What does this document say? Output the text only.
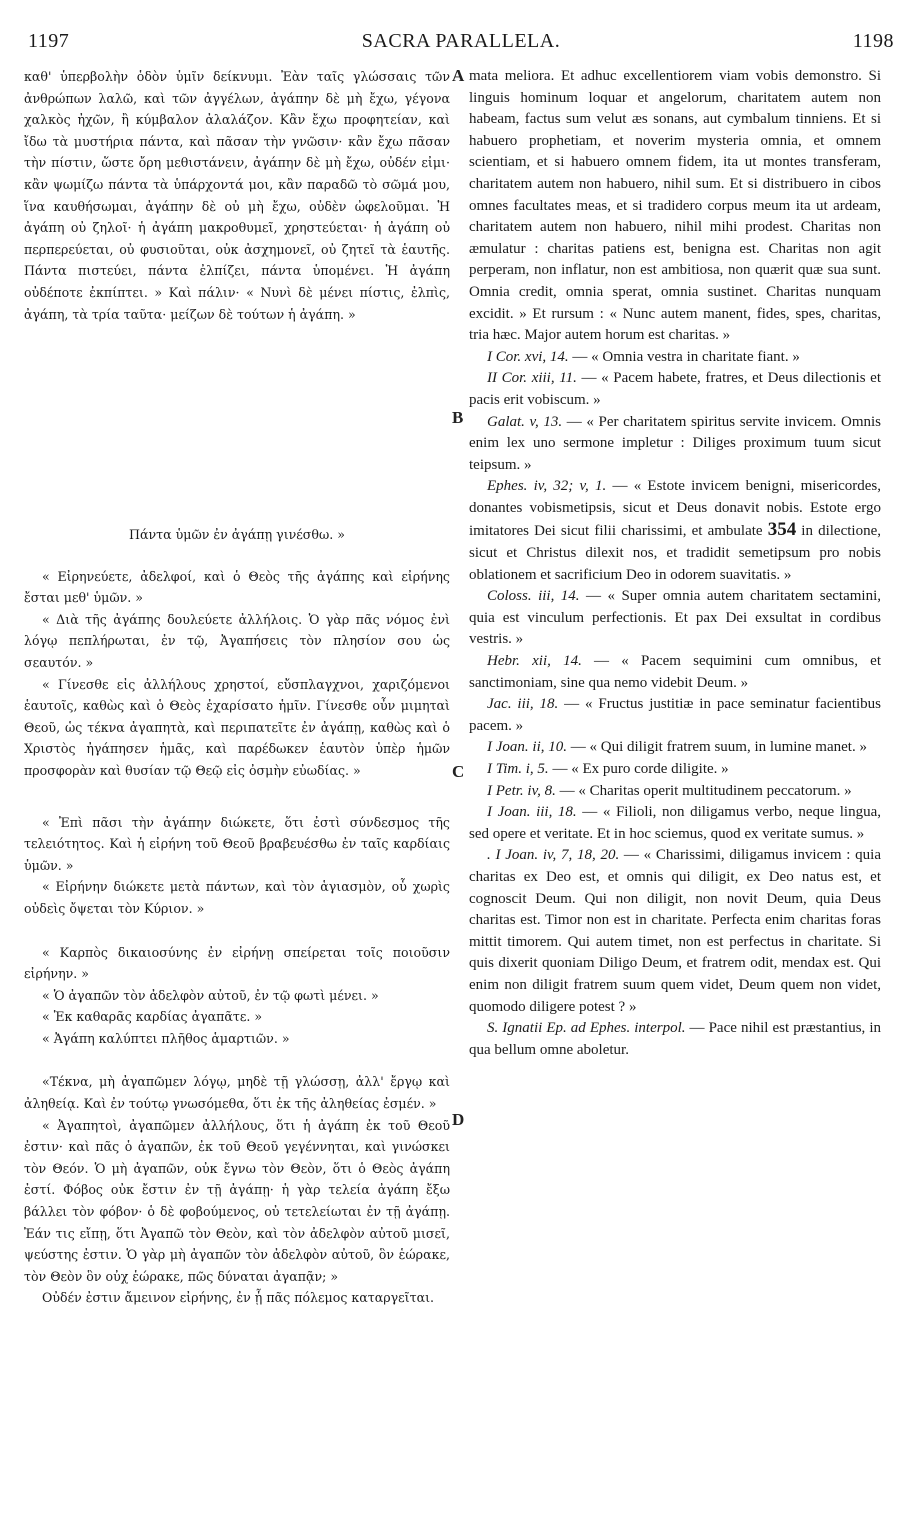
1197	SACRA PARALLELA.	1198
A
B
C
D

καθ' ὑπερβολὴν ὁδὸν ὑμῖν δείκνυμι. Ἐὰν ταῖς γλώσσαις τῶν ἀνθρώπων λαλῶ, καὶ τῶν ἀγγέλων, ἀγάπην δὲ μὴ ἔχω, γέγονα χαλκὸς ἠχῶν, ἢ κύμβαλον ἀλαλάζον. Κἂν ἔχω προφητείαν, καὶ ἴδω τὰ μυστήρια πάντα, καὶ πᾶσαν τὴν γνῶσιν· κἂν ἔχω πᾶσαν τὴν πίστιν, ὥστε ὄρη μεθιστάνειν, ἀγάπην δὲ μὴ ἔχω, οὐδέν εἰμι· κἂν ψωμίζω πάντα τὰ ὑπάρχοντά μοι, κἂν παραδῶ τὸ σῶμά μου, ἵνα καυθήσωμαι, ἀγάπην δὲ οὐ μὴ ἔχω, οὐδὲν ὠφελοῦμαι. Ἡ ἀγάπη οὐ ζηλοῖ· ἡ ἀγάπη μακροθυμεῖ, χρηστεύεται· ἡ ἀγάπη οὐ περπερεύεται, οὐ φυσιοῦται, οὐκ ἀσχημονεῖ, οὐ ζητεῖ τὰ ἑαυτῆς. Πάντα πιστεύει, πάντα ἐλπίζει, πάντα ὑπομένει. Ἡ ἀγάπη οὐδέποτε ἐκπίπτει. » Καὶ πάλιν· « Νυνὶ δὲ μένει πίστις, ἐλπὶς, ἀγάπη, τὰ τρία ταῦτα· μείζων δὲ τούτων ἡ ἀγάπη. »

Πάντα ὑμῶν ἐν ἀγάπῃ γινέσθω. »

« Εἰρηνεύετε, ἀδελφοί, καὶ ὁ Θεὸς τῆς ἀγάπης καὶ εἰρήνης ἔσται μεθ' ὑμῶν. »

« Διὰ τῆς ἀγάπης δουλεύετε ἀλλήλοις. Ὁ γὰρ πᾶς νόμος ἐνὶ λόγῳ πεπλήρωται, ἐν τῷ, Ἀγαπήσεις τὸν πλησίον σου ὡς σεαυτόν. »

« Γίνεσθε εἰς ἀλλήλους χρηστοί, εὔσπλαγχνοι, χαριζόμενοι ἑαυτοῖς, καθὼς καὶ ὁ Θεὸς ἐχαρίσατο ἡμῖν. Γίνεσθε οὖν μιμηταὶ Θεοῦ, ὡς τέκνα ἀγαπητὰ, καὶ περιπατεῖτε ἐν ἀγάπῃ, καθὼς καὶ ὁ Χριστὸς ἠγάπησεν ἡμᾶς, καὶ παρέδωκεν ἑαυτὸν ὑπὲρ ἡμῶν προσφορὰν καὶ θυσίαν τῷ Θεῷ εἰς ὀσμὴν εὐωδίας. »

« Ἐπὶ πᾶσι τὴν ἀγάπην διώκετε, ὅτι ἐστὶ σύνδεσμος τῆς τελειότητος. Καὶ ἡ εἰρήνη τοῦ Θεοῦ βραβευέσθω ἐν ταῖς καρδίαις ὑμῶν. »

« Εἰρήνην διώκετε μετὰ πάντων, καὶ τὸν ἁγιασμὸν, οὗ χωρὶς οὐδεὶς ὄψεται τὸν Κύριον. »

« Καρπὸς δικαιοσύνης ἐν εἰρήνῃ σπείρεται τοῖς ποιοῦσιν εἰρήνην. »

« Ὁ ἀγαπῶν τὸν ἀδελφὸν αὐτοῦ, ἐν τῷ φωτὶ μένει. »

« Ἐκ καθαρᾶς καρδίας ἀγαπᾶτε. »

« Ἀγάπη καλύπτει πλῆθος ἁμαρτιῶν. »

«Τέκνα, μὴ ἀγαπῶμεν λόγῳ, μηδὲ τῇ γλώσσῃ, ἀλλ' ἔργῳ καὶ ἀληθείᾳ. Καὶ ἐν τούτῳ γνωσόμεθα, ὅτι ἐκ τῆς ἀληθείας ἐσμέν. »

« Ἀγαπητοὶ, ἀγαπῶμεν ἀλλήλους, ὅτι ἡ ἀγάπη ἐκ τοῦ Θεοῦ ἐστιν· καὶ πᾶς ὁ ἀγαπῶν, ἐκ τοῦ Θεοῦ γεγέννηται, καὶ γινώσκει τὸν Θεόν. Ὁ μὴ ἀγαπῶν, οὐκ ἔγνω τὸν Θεὸν, ὅτι ὁ Θεὸς ἀγάπη ἐστί. Φόβος οὐκ ἔστιν ἐν τῇ ἀγάπῃ· ἡ γὰρ τελεία ἀγάπη ἔξω βάλλει τὸν φόβον· ὁ δὲ φοβούμενος, οὐ τετελείωται ἐν τῇ ἀγάπῃ. Ἐάν τις εἴπῃ, ὅτι Ἀγαπῶ τὸν Θεὸν, καὶ τὸν ἀδελφὸν αὐτοῦ μισεῖ, ψεύστης ἐστιν. Ὁ γὰρ μὴ ἀγαπῶν τὸν ἀδελφὸν αὐτοῦ, ὃν ἑώρακε, τὸν Θεὸν ὃν οὐχ ἑώρακε, πῶς δύναται ἀγαπᾷν; »

Οὐδέν ἐστιν ἄμεινον εἰρήνης, ἐν ᾗ πᾶς πόλεμος καταργεῖται.

mata meliora. Et adhuc excellentiorem viam vobis demonstro. Si linguis hominum loquar et angelorum, charitatem autem non habeam, factus sum velut æs sonans, aut cymbalum tinniens. Et si habuero prophetiam, et noverim mysteria omnia, et omnem scientiam, et si habuero omnem fidem, ita ut montes transferam, charitatem autem non habuero, nihil sum. Et si distribuero in cibos omnes facultates meas, et si tradidero corpus meum ita ut ardeam, charitatem autem non habuero, nihil mihi prodest. Charitas non æmulatur : charitas patiens est, benigna est. Charitas non agit perperam, non inflatur, non est ambitiosa, non quærit quæ sua sunt. Omnia credit, omnia sperat, omnia sustinet. Charitas nunquam excidit. » Et rursum : « Nunc autem manent, fides, spes, charitas, tria hæc. Major autem horum est charitas. »

I Cor. xvi, 14. — « Omnia vestra in charitate fiant. »

II Cor. xiii, 11. — « Pacem habete, fratres, et Deus dilectionis et pacis erit vobiscum. »

Galat. v, 13. — « Per charitatem spiritus servite invicem. Omnis enim lex uno sermone impletur : Diliges proximum tuum sicut teipsum. »

Ephes. iv, 32; v, 1. — « Estote invicem benigni, misericordes, donantes vobismetipsis, sicut et Deus donavit nobis. Estote ergo imitatores Dei sicut filii charissimi, et ambulate 354 in dilectione, sicut et Christus dilexit nos, et tradidit semetipsum pro nobis oblationem et sacrificium Deo in odorem suavitatis. »

Coloss. iii, 14. — « Super omnia autem charitatem sectamini, quia est vinculum perfectionis. Et pax Dei exsultat in cordibus vestris. »

Hebr. xii, 14. — « Pacem sequimini cum omnibus, et sanctimoniam, sine qua nemo videbit Deum. »

Jac. iii, 18. — « Fructus justitiæ in pace seminatur facientibus pacem. »

I Joan. ii, 10. — « Qui diligit fratrem suum, in lumine manet. »

I Tim. i, 5. — « Ex puro corde diligite. »

I Petr. iv, 8. — « Charitas operit multitudinem peccatorum. »

I Joan. iii, 18. — « Filioli, non diligamus verbo, neque lingua, sed opere et veritate. Et in hoc sciemus, quod ex veritate sumus. »

. I Joan. iv, 7, 18, 20. — « Charissimi, diligamus invicem : quia charitas ex Deo est, et omnis qui diligit, ex Deo natus est, et cognoscit Deum. Qui non diligit, non novit Deum, quia Deus charitas est. Timor non est in charitate. Perfecta enim charitas foras mittit timorem. Qui autem timet, non est perfectus in charitate. Si quis dixerit quoniam Diligo Deum, et fratrem odit, mendax est. Qui enim non diligit fratrem suum quem videt, Deum quem non videt, quomodo diligere potest ? »

S. Ignatii Ep. ad Ephes. interpol. — Pace nihil est præstantius, in qua bellum omne aboletur.
